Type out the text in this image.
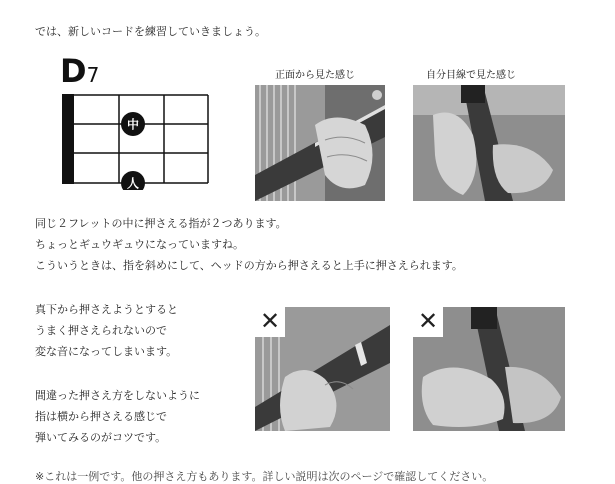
では、新しいコードを練習していきましょう。
D7
中
人
正面から見た感じ	自分目線で見た感じ
同じ２フレットの中に押さえる指が２つあります。
ちょっとギュウギュウになっていますね。
こういうときは、指を斜めにして、ヘッドの方から押さえると上手に押さえられます。
真下から押さえようとすると
うまく押さえられないので
変な音になってしまいます。
間違った押さえ方をしないように
指は横から押さえる感じで
弾いてみるのがコツです。
✕	✕
※これは一例です。他の押さえ方もあります。詳しい説明は次のページで確認してください。
